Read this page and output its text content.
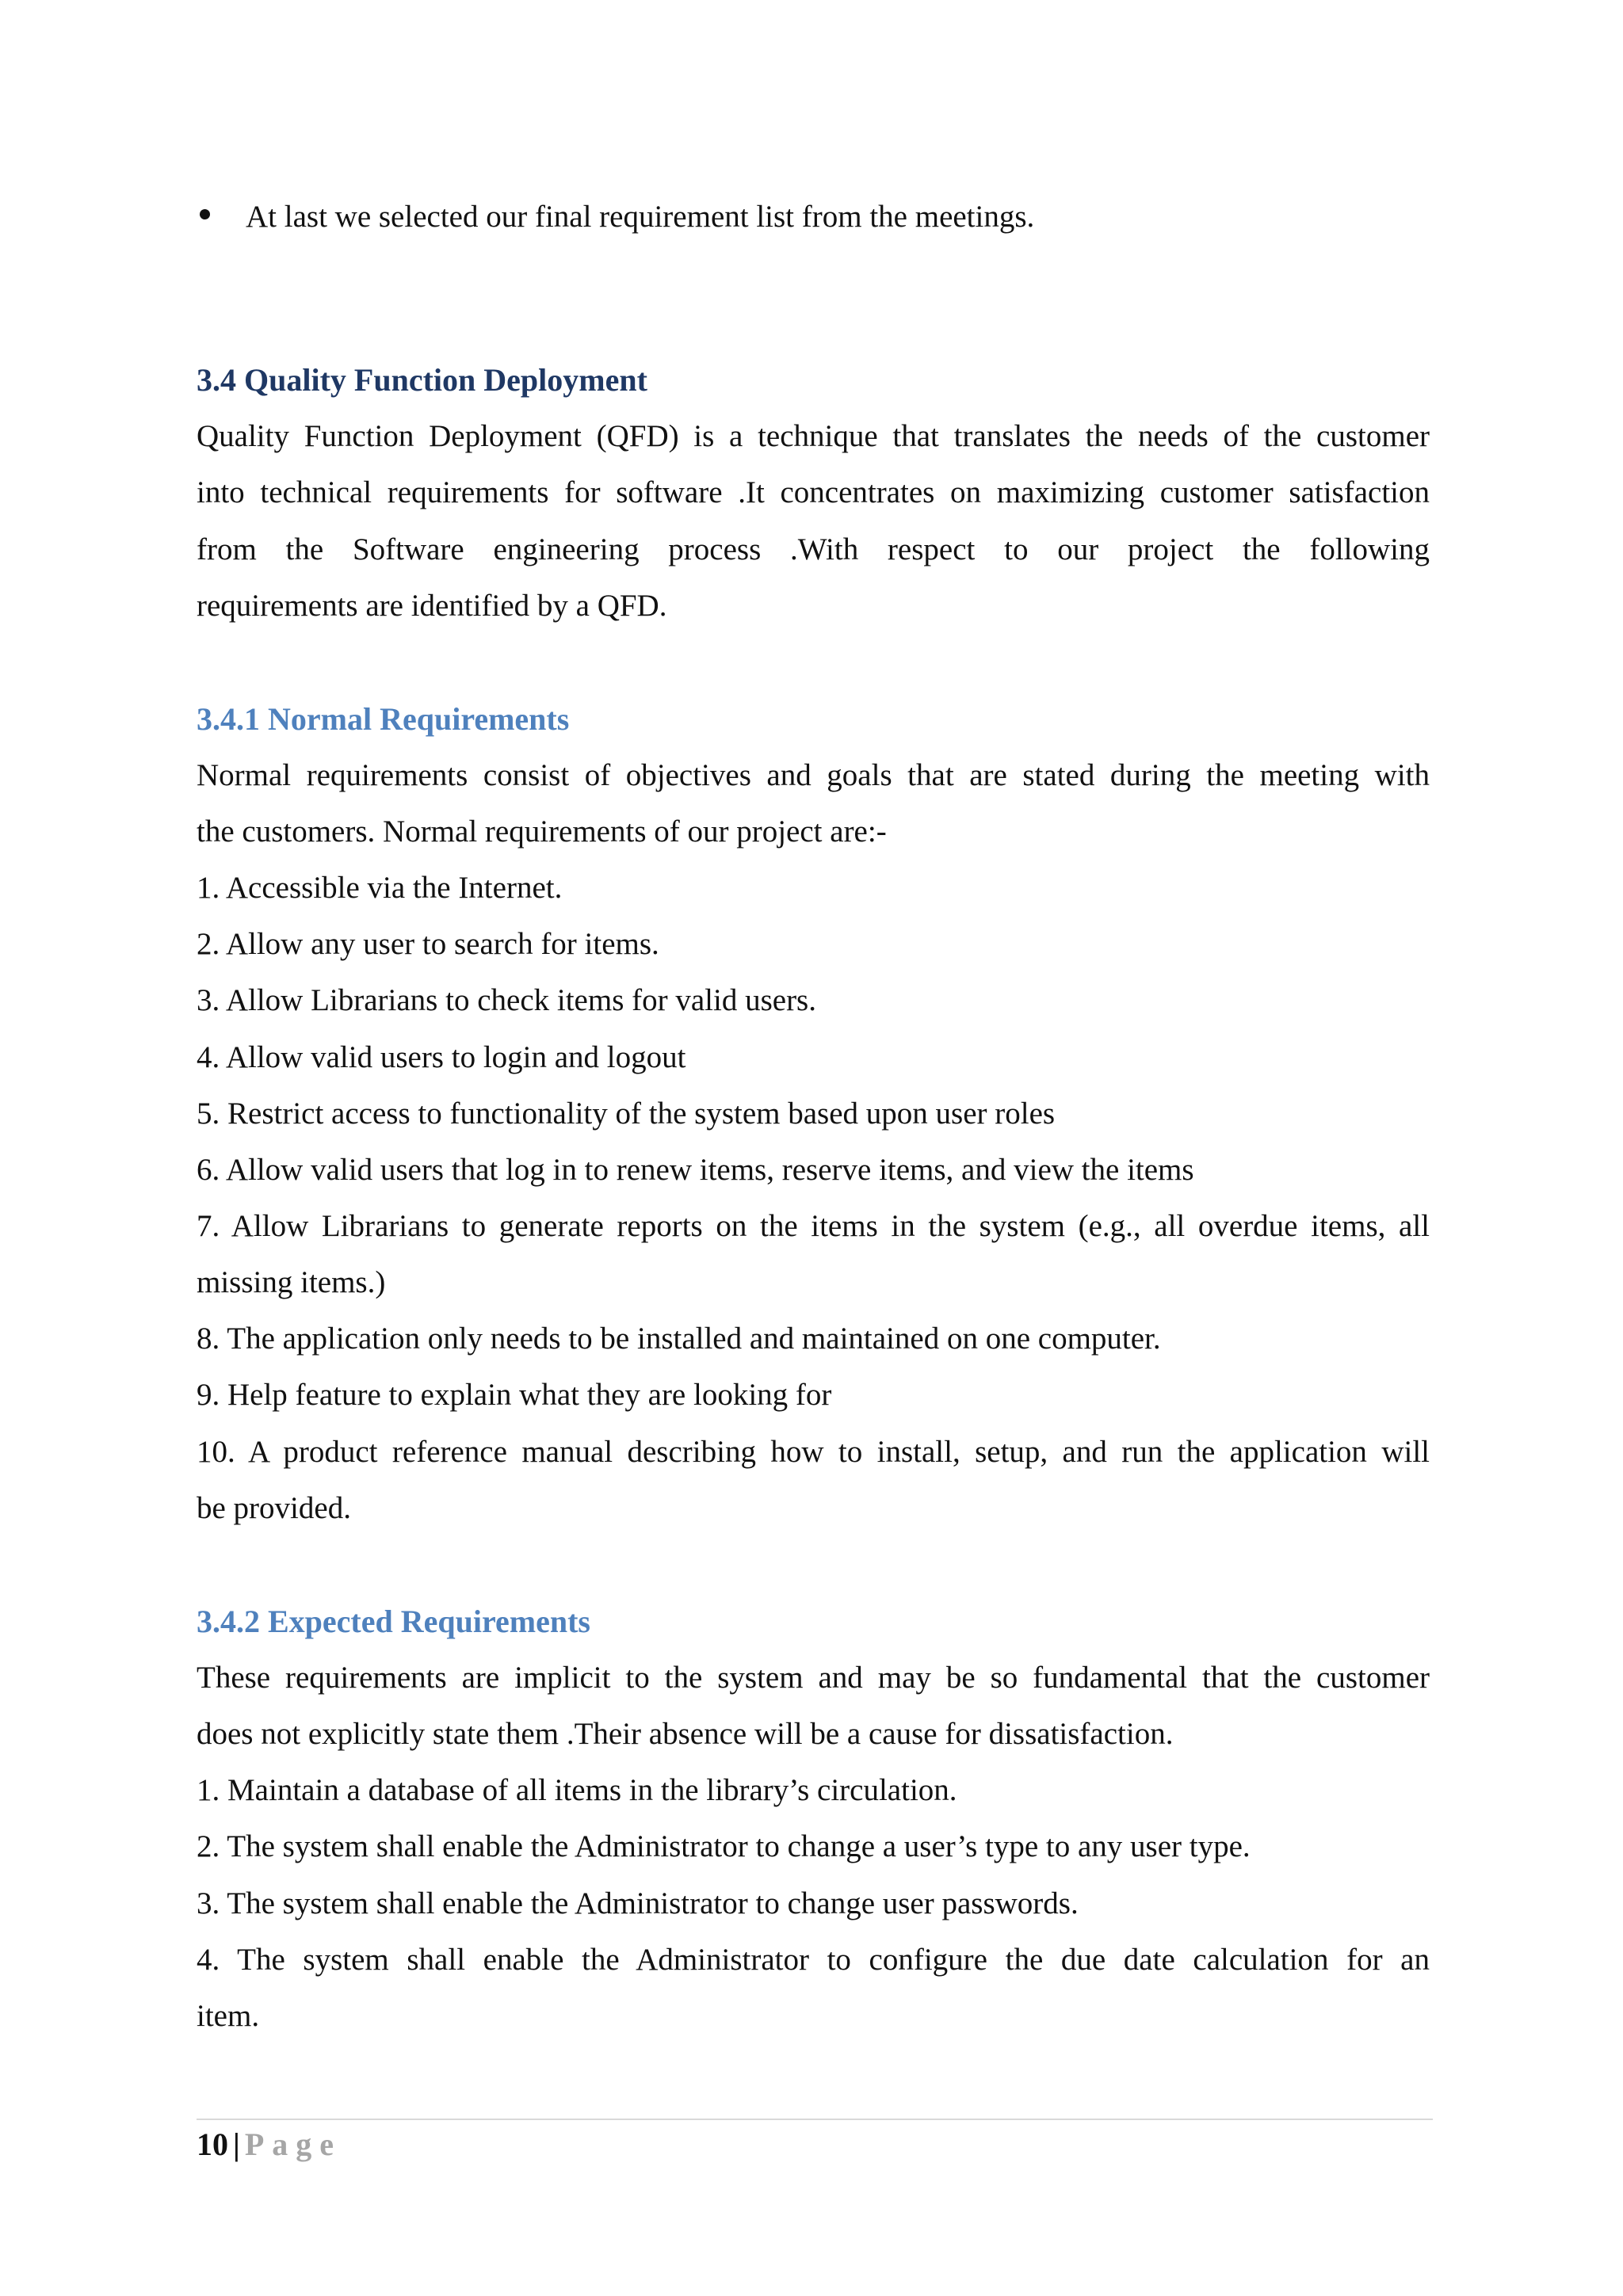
At last we selected our final requirement list from the meetings.
3.4 Quality Function Deployment
Quality Function Deployment (QFD) is a technique that translates the needs of the customer
into technical requirements for software .It concentrates on maximizing customer satisfaction
from the Software engineering process .With respect to our project the following
requirements are identified by a QFD.
3.4.1 Normal Requirements
Normal requirements consist of objectives and goals that are stated during the meeting with
the customers. Normal requirements of our project are:-
1. Accessible via the Internet.
2. Allow any user to search for items.
3. Allow Librarians to check items for valid users.
4. Allow valid users to login and logout
5. Restrict access to functionality of the system based upon user roles
6. Allow valid users that log in to renew items, reserve items, and view the items
7. Allow Librarians to generate reports on the items in the system (e.g., all overdue items, all
missing items.)
8. The application only needs to be installed and maintained on one computer.
9. Help feature to explain what they are looking for
10. A product reference manual describing how to install, setup, and run the application will
be provided.
3.4.2 Expected Requirements
These requirements are implicit to the system and may be so fundamental that the customer
does not explicitly state them .Their absence will be a cause for dissatisfaction.
1. Maintain a database of all items in the library’s circulation.
2. The system shall enable the Administrator to change a user’s type to any user type.
3. The system shall enable the Administrator to change user passwords.
4. The system shall enable the Administrator to configure the due date calculation for an
item.
10 | Page
